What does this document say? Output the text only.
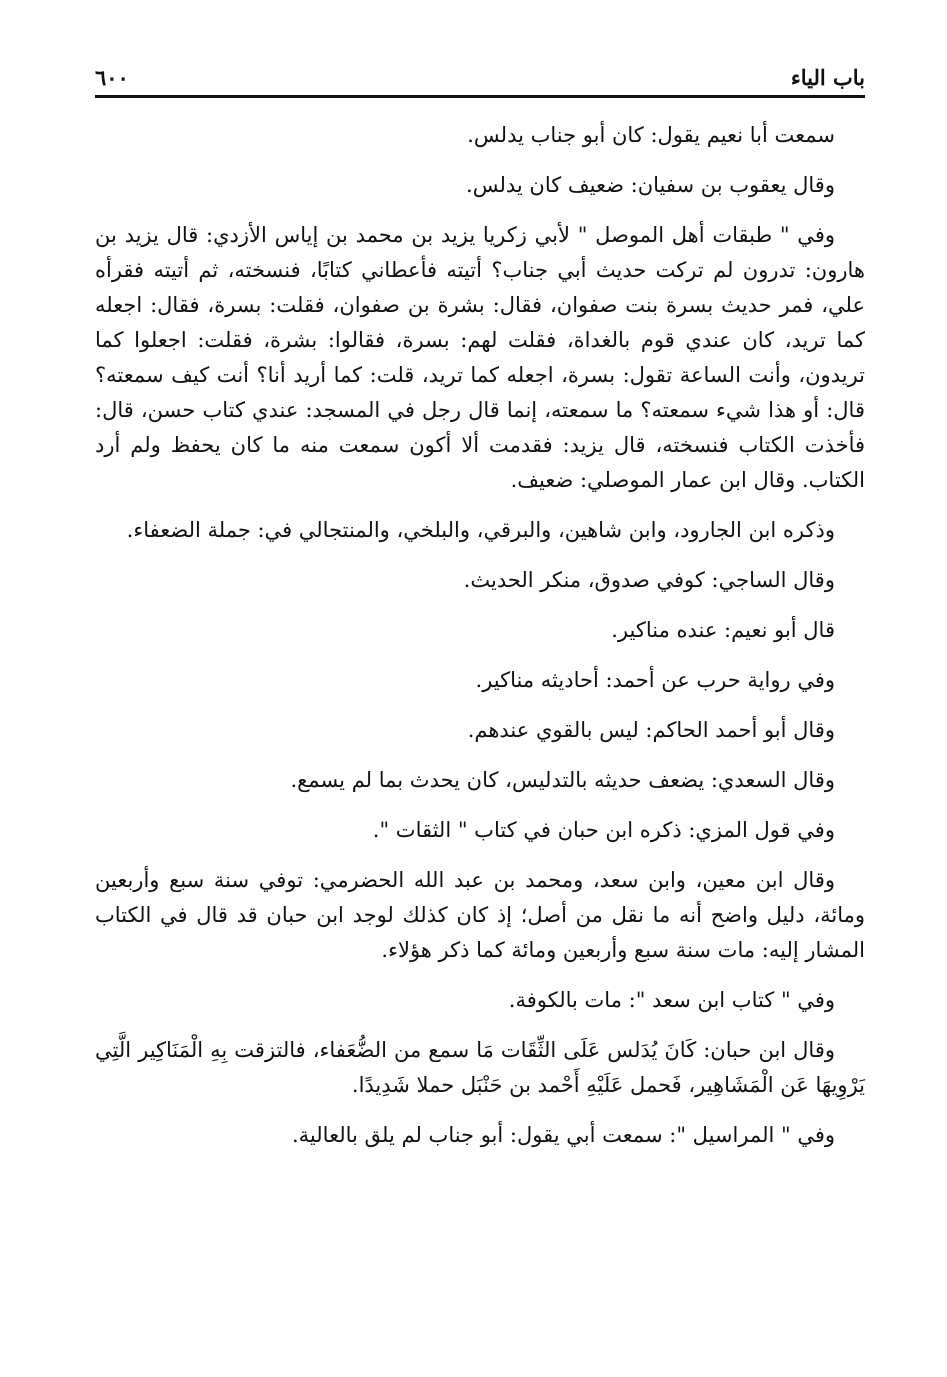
باب الياء
٦٠٠

سمعت أبا نعيم يقول: كان أبو جناب يدلس.

وقال يعقوب بن سفيان: ضعيف كان يدلس.

وفي " طبقات أهل الموصل " لأبي زكريا يزيد بن محمد بن إياس الأزدي: قال يزيد بن هارون: تدرون لم تركت حديث أبي جناب؟ أتيته فأعطاني كتابًا، فنسخته، ثم أتيته فقرأه علي، فمر حديث بسرة بنت صفوان، فقال: بشرة بن صفوان، فقلت: بسرة، فقال: اجعله كما تريد، كان عندي قوم بالغداة، فقلت لهم: بسرة، فقالوا: بشرة، فقلت: اجعلوا كما تريدون، وأنت الساعة تقول: بسرة، اجعله كما تريد، قلت: كما أريد أنا؟ أنت كيف سمعته؟ قال: أو هذا شيء سمعته؟ ما سمعته، إنما قال رجل في المسجد: عندي كتاب حسن، قال: فأخذت الكتاب فنسخته، قال يزيد: فقدمت ألا أكون سمعت منه ما كان يحفظ ولم أرد الكتاب. وقال ابن عمار الموصلي: ضعيف.

وذكره ابن الجارود، وابن شاهين، والبرقي، والبلخي، والمنتجالي في: جملة الضعفاء.

وقال الساجي: كوفي صدوق، منكر الحديث.

قال أبو نعيم: عنده مناكير.

وفي رواية حرب عن أحمد: أحاديثه مناكير.

وقال أبو أحمد الحاكم: ليس بالقوي عندهم.

وقال السعدي: يضعف حديثه بالتدليس، كان يحدث بما لم يسمع.

وفي قول المزي: ذكره ابن حبان في كتاب " الثقات ".

وقال ابن معين، وابن سعد، ومحمد بن عبد الله الحضرمي: توفي سنة سبع وأربعين ومائة، دليل واضح أنه ما نقل من أصل؛ إذ كان كذلك لوجد ابن حبان قد قال في الكتاب المشار إليه: مات سنة سبع وأربعين ومائة كما ذكر هؤلاء.

وفي " كتاب ابن سعد ": مات بالكوفة.

وقال ابن حبان: كَانَ يُدَلس عَلَى الثِّقَات مَا سمع من الضُّعَفاء، فالتزقت بِهِ الْمَنَاكِير الَّتِي يَرْوِيهَا عَن الْمَشَاهِير، فَحمل عَلَيْهِ أَحْمد بن حَنْبَل حملا شَدِيدًا.

وفي " المراسيل ": سمعت أبي يقول: أبو جناب لم يلق بالعالية.
